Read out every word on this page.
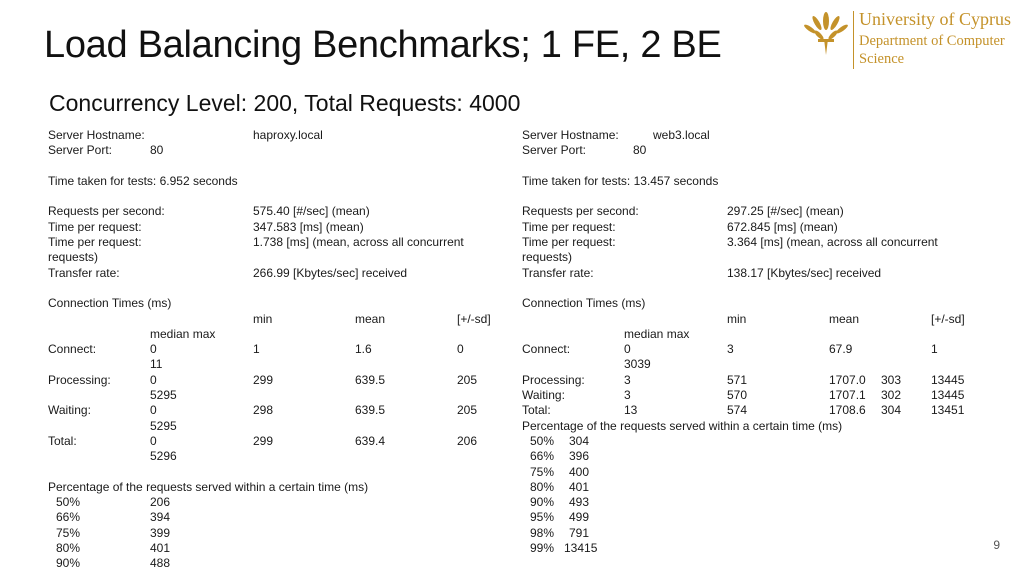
Load Balancing Benchmarks; 1 FE, 2 BE
Concurrency Level: 200, Total Requests: 4000
University of Cyprus
Department of Computer
Science
Server Hostname:	haproxy.local
Server Port:	80
Time taken for tests: 6.952 seconds
Requests per second:	575.40 [#/sec] (mean)
Time per request:	347.583 [ms] (mean)
Time per request:	1.738 [ms] (mean, across all concurrent
requests)
Transfer rate:	266.99 [Kbytes/sec] received
Connection Times (ms)
min	mean	[+/-sd]
median max
Connect:	0	1	1.6	0
11
Processing:	0	299	639.5	205
5295
Waiting:	0	298	639.5	205
5295
Total:	0	299	639.4	206
5296
Percentage of the requests served within a certain time (ms)
50%	206
66%	394
75%	399
80%	401
90%	488
Server Hostname:	web3.local
Server Port:	80
Time taken for tests: 13.457 seconds
Requests per second:	297.25 [#/sec] (mean)
Time per request:	672.845 [ms] (mean)
Time per request:	3.364 [ms] (mean, across all concurrent
requests)
Transfer rate:	138.17 [Kbytes/sec] received
Connection Times (ms)
min	mean	[+/-sd]
median max
Connect:	0	3	67.9	1
3039
Processing:	3	571	1707.0 303 13445
Waiting:	3	570	1707.1 302 13445
Total:	13	574	1708.6 304 13451
Percentage of the requests served within a certain time (ms)
50% 304
66% 396
75% 400
80% 401
90% 493
95% 499
98% 791
99% 13415	9
